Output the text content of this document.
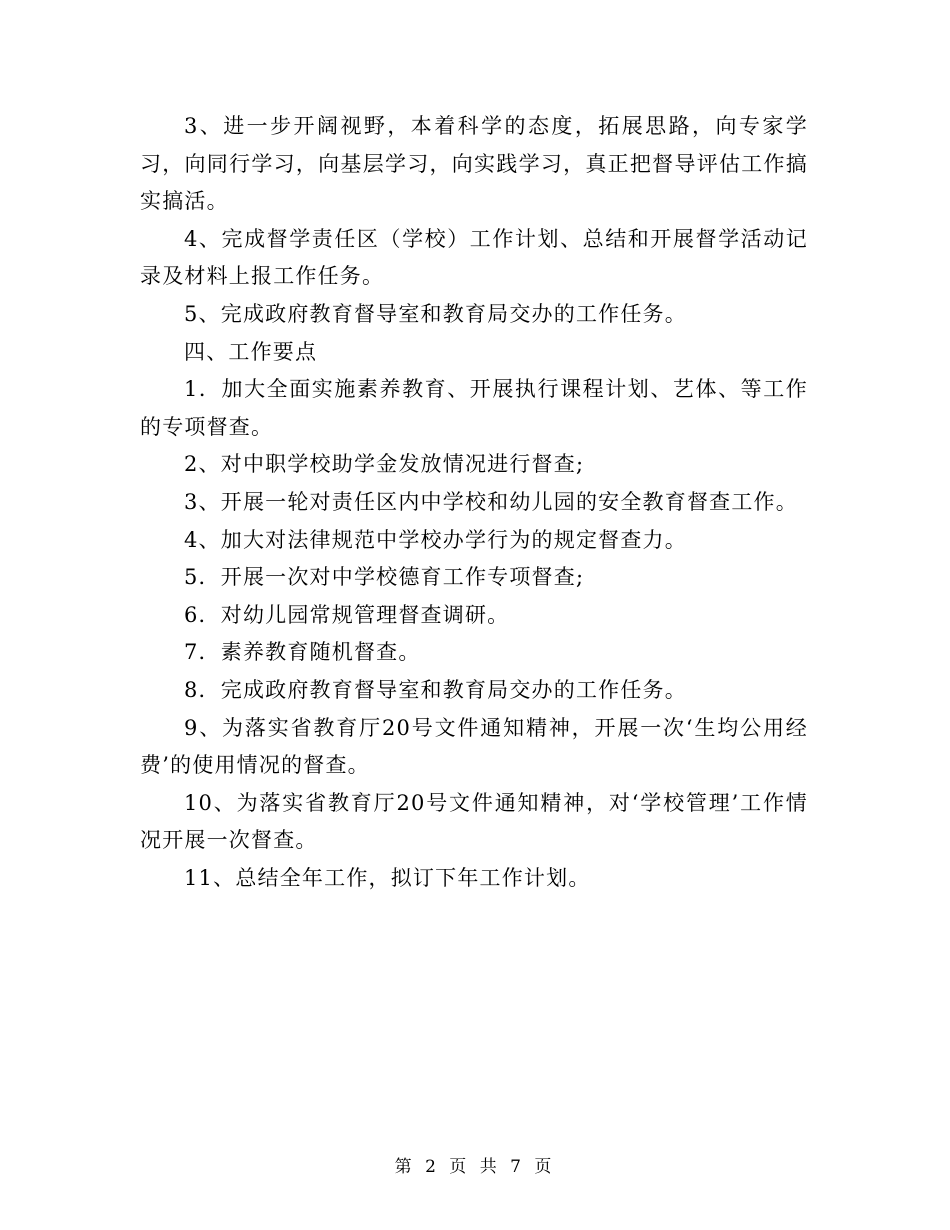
3、进一步开阔视野，本着科学的态度，拓展思路，向专家学习，向同行学习，向基层学习，向实践学习，真正把督导评估工作搞实搞活。

4、完成督学责任区（学校）工作计划、总结和开展督学活动记录及材料上报工作任务。

5、完成政府教育督导室和教育局交办的工作任务。

四、工作要点

1．加大全面实施素养教育、开展执行课程计划、艺体、等工作的专项督查。

2、对中职学校助学金发放情况进行督查;

3、开展一轮对责任区内中学校和幼儿园的安全教育督查工作。

4、加大对法律规范中学校办学行为的规定督查力。

5．开展一次对中学校德育工作专项督查;

6．对幼儿园常规管理督查调研。

7．素养教育随机督查。

8．完成政府教育督导室和教育局交办的工作任务。

9、为落实省教育厅20号文件通知精神，开展一次‘生均公用经费’的使用情况的督查。

10、为落实省教育厅20号文件通知精神，对‘学校管理’工作情况开展一次督查。

11、总结全年工作，拟订下年工作计划。

第 2 页 共 7 页
